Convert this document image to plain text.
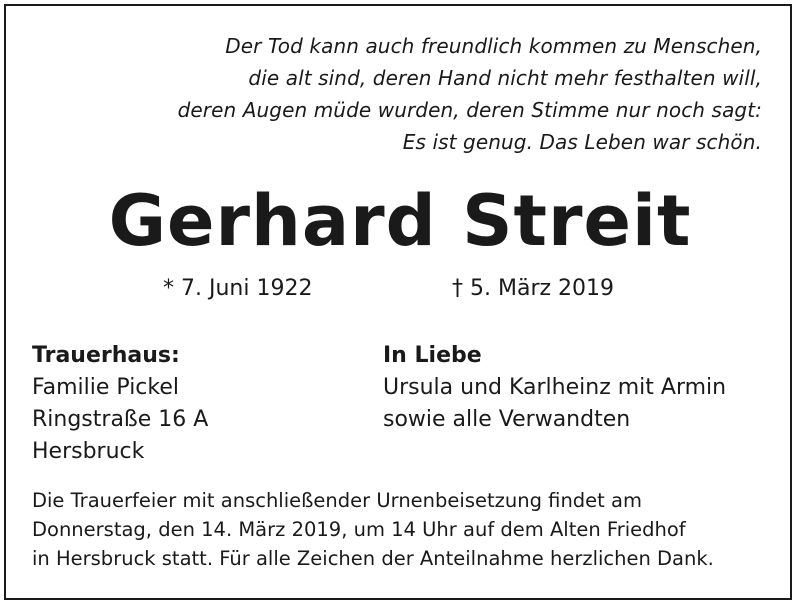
Der Tod kann auch freundlich kommen zu Menschen,
die alt sind, deren Hand nicht mehr festhalten will,
deren Augen müde wurden, deren Stimme nur noch sagt:
Es ist genug. Das Leben war schön.
Gerhard Streit
* 7. Juni 1922	† 5. März 2019
Trauerhaus:
Familie Pickel
Ringstraße 16 A
Hersbruck
In Liebe
Ursula und Karlheinz mit Armin
sowie alle Verwandten
Die Trauerfeier mit anschließender Urnenbeisetzung findet am
Donnerstag, den 14. März 2019, um 14 Uhr auf dem Alten Friedhof
in Hersbruck statt. Für alle Zeichen der Anteilnahme herzlichen Dank.
